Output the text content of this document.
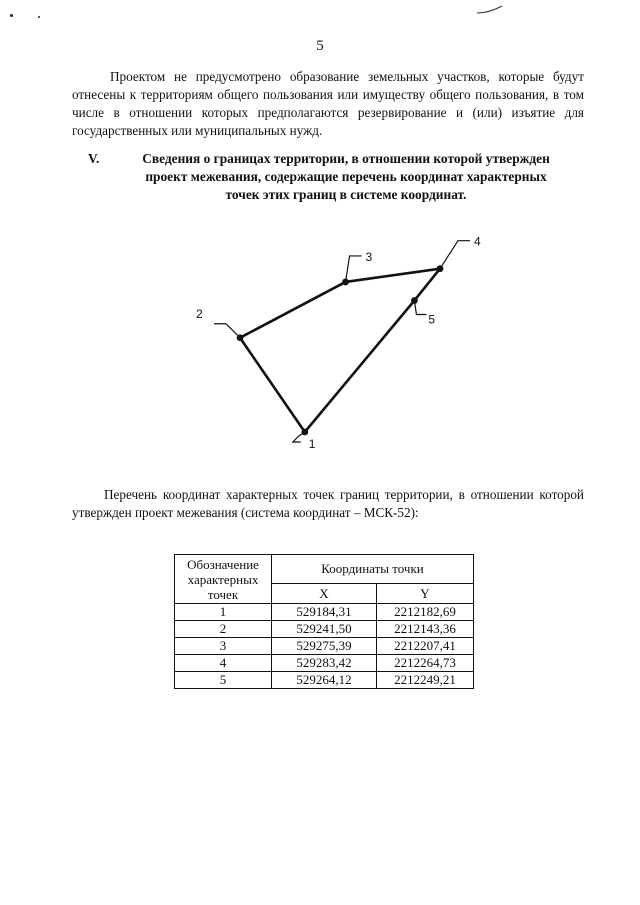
5
Проектом не предусмотрено образование земельных участков, которые будут отнесены к территориям общего пользования или имуществу общего пользования, в том числе в отношении которых предполагаются резервирование и (или) изъятие для государственных или муниципальных нужд.
V.	Сведения о границах территории, в отношении которой утвержден проект межевания, содержащие перечень координат характерных точек этих границ в системе координат.
1
2
3
4
5
Перечень координат характерных точек границ территории, в отношении которой утвержден проект межевания (система координат – МСК-52):
Обозначение характерных точек	Координаты точки	
	X	Y
1	529184,31	2212182,69
2	529241,50	2212143,36
3	529275,39	2212207,41
4	529283,42	2212264,73
5	529264,12	2212249,21
